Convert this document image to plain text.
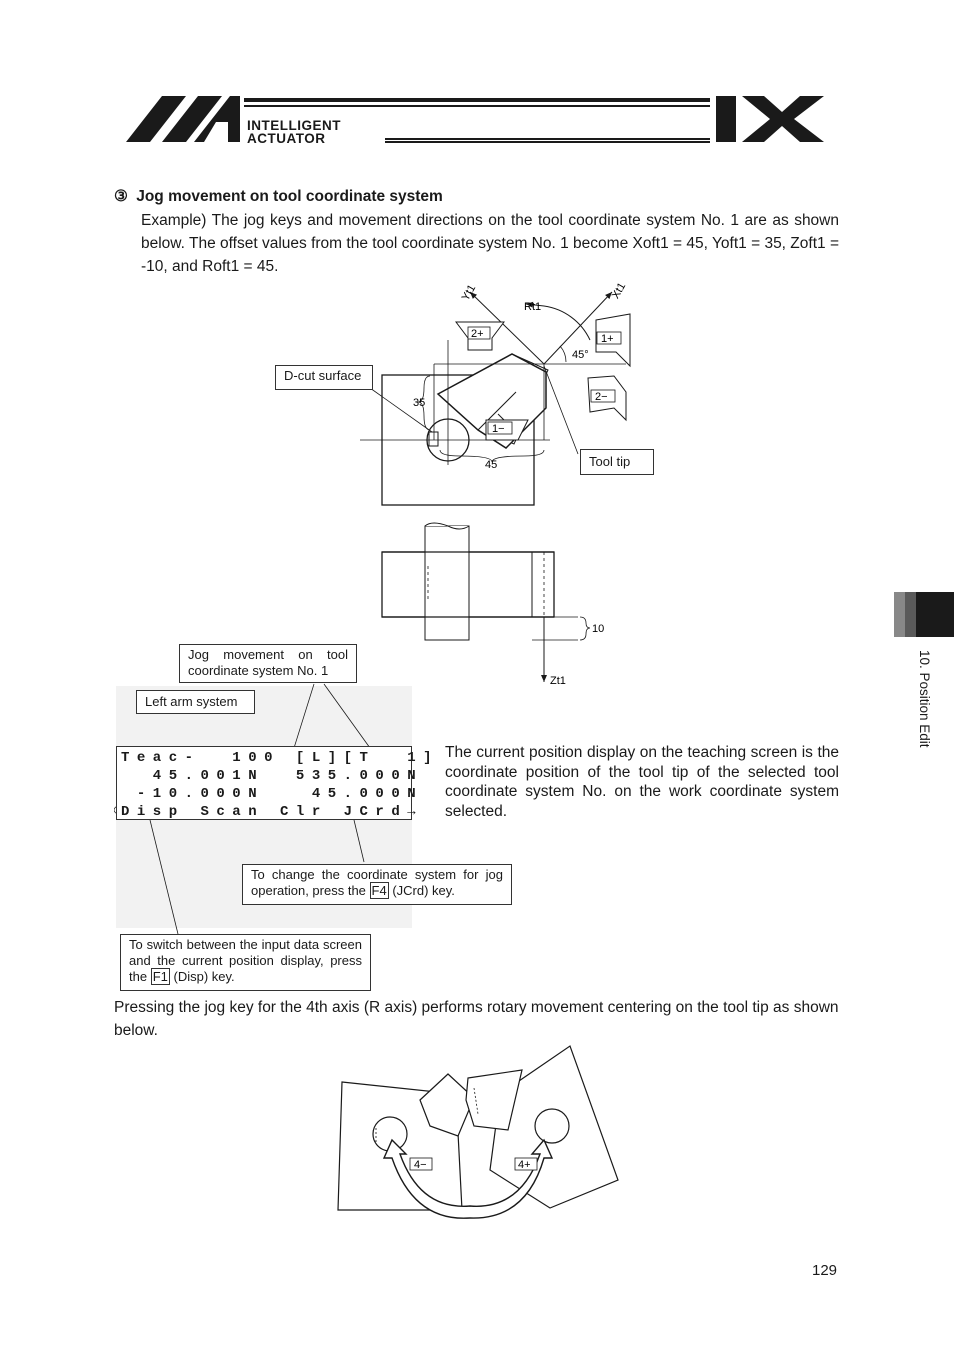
INTELLIGENT
ACTUATOR
10. Position Edit
③ Jog movement on tool coordinate system
Example) The jog keys and movement directions on the tool coordinate system No. 1 are as shown below. The offset values from the tool coordinate system No. 1 become Xoft1 = 45, Yoft1 = 35, Zoft1 = -10, and Roft1 = 45.
Yt1	Xt1
Rt1
45°
35
45
10
Zt1
2+	1+
2−
1−
D-cut surface
Tool tip
Jog movement on tool
coordinate system No. 1
Left arm system
Teac-  100 [L][T  1]
45.001N  535.000N
-10.000N   45.000N
Disp Scan Clr JCrd→
The current position display on the teaching screen is the coordinate position of the tool tip of the selected tool coordinate system No. on the work coordinate system selected.
To change the coordinate system for jog operation, press the F4 (JCrd) key.
To switch between the input data screen and the current position display, press the F1 (Disp) key.
Pressing the jog key for the 4th axis (R axis) performs rotary movement centering on the tool tip as shown below.
4−	4+
129
